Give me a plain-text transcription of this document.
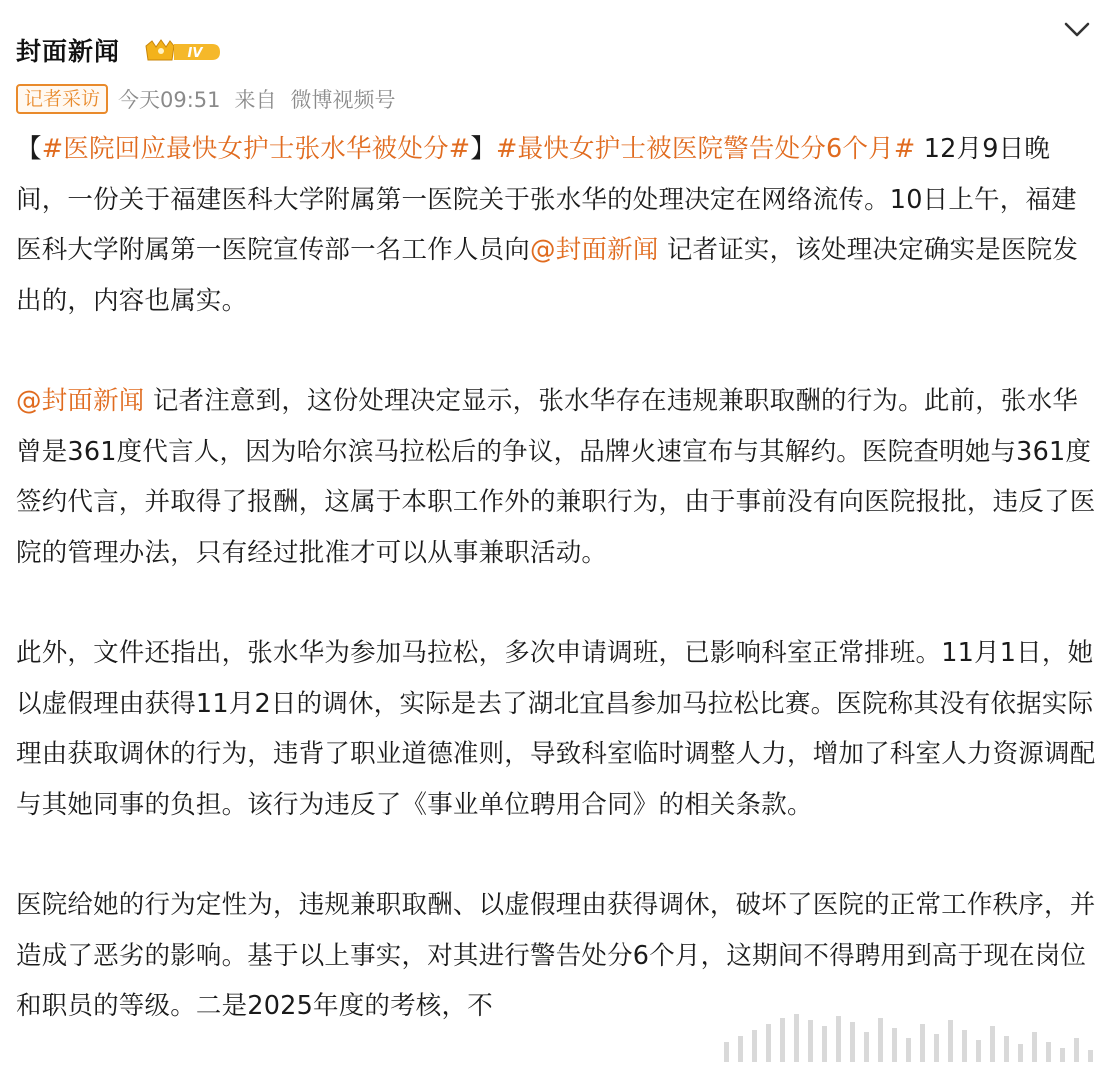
封面新闻	IV
记者采访 今天09:51 来自 微博视频号

【#医院回应最快女护士张水华被处分#】#最快女护士被医院警告处分6个月# 12月9日晚间，一份关于福建医科大学附属第一医院关于张水华的处理决定在网络流传。10日上午，福建医科大学附属第一医院宣传部一名工作人员向@封面新闻 记者证实，该处理决定确实是医院发出的，内容也属实。

@封面新闻 记者注意到，这份处理决定显示，张水华存在违规兼职取酬的行为。此前，张水华曾是361度代言人，因为哈尔滨马拉松后的争议，品牌火速宣布与其解约。医院查明她与361度签约代言，并取得了报酬，这属于本职工作外的兼职行为，由于事前没有向医院报批，违反了医院的管理办法，只有经过批准才可以从事兼职活动。

此外，文件还指出，张水华为参加马拉松，多次申请调班，已影响科室正常排班。11月1日，她以虚假理由获得11月2日的调休，实际是去了湖北宜昌参加马拉松比赛。医院称其没有依据实际理由获取调休的行为，违背了职业道德准则，导致科室临时调整人力，增加了科室人力资源调配与其她同事的负担。该行为违反了《事业单位聘用合同》的相关条款。

医院给她的行为定性为，违规兼职取酬、以虚假理由获得调休，破坏了医院的正常工作秩序，并造成了恶劣的影响。基于以上事实，对其进行警告处分6个月，这期间不得聘用到高于现在岗位和职员的等级。二是2025年度的考核，不
